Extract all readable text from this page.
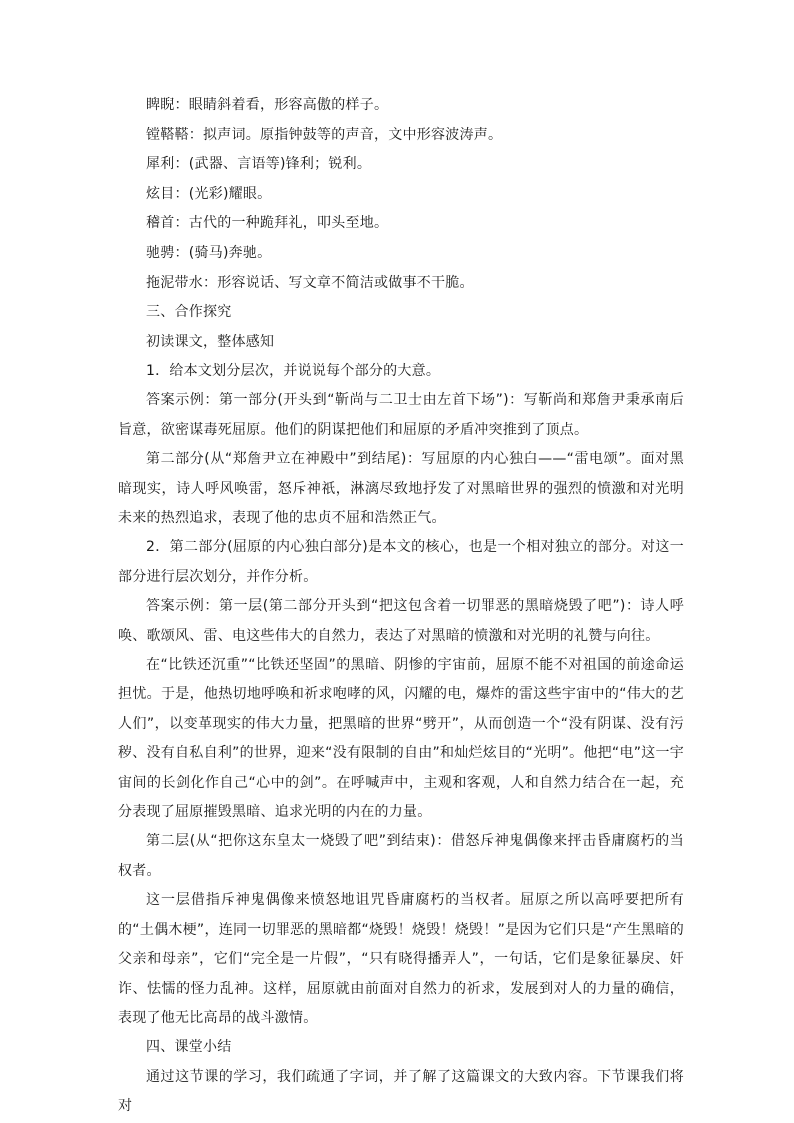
睥睨：眼睛斜着看，形容高傲的样子。

镗鞳鞳：拟声词。原指钟鼓等的声音，文中形容波涛声。

犀利：(武器、言语等)锋利；锐利。

炫目：(光彩)耀眼。

稽首：古代的一种跪拜礼，叩头至地。

驰骋：(骑马)奔驰。

拖泥带水：形容说话、写文章不简洁或做事不干脆。

三、合作探究

初读课文，整体感知

1．给本文划分层次，并说说每个部分的大意。

答案示例：第一部分(开头到“靳尚与二卫士由左首下场”)：写靳尚和郑詹尹秉承南后旨意，欲密谋毒死屈原。他们的阴谋把他们和屈原的矛盾冲突推到了顶点。

第二部分(从“郑詹尹立在神殿中”到结尾)：写屈原的内心独白——“雷电颂”。面对黑暗现实，诗人呼风唤雷，怒斥神祇，淋漓尽致地抒发了对黑暗世界的强烈的愤激和对光明未来的热烈追求，表现了他的忠贞不屈和浩然正气。

2．第二部分(屈原的内心独白部分)是本文的核心，也是一个相对独立的部分。对这一部分进行层次划分，并作分析。

答案示例：第一层(第二部分开头到“把这包含着一切罪恶的黑暗烧毁了吧”)：诗人呼唤、歌颂风、雷、电这些伟大的自然力，表达了对黑暗的愤激和对光明的礼赞与向往。

在“比铁还沉重”“比铁还坚固”的黑暗、阴惨的宇宙前，屈原不能不对祖国的前途命运担忧。于是，他热切地呼唤和祈求咆哮的风，闪耀的电，爆炸的雷这些宇宙中的“伟大的艺人们”，以变革现实的伟大力量，把黑暗的世界“劈开”，从而创造一个“没有阴谋、没有污秽、没有自私自利”的世界，迎来“没有限制的自由”和灿烂炫目的“光明”。他把“电”这一宇宙间的长剑化作自己“心中的剑”。在呼喊声中，主观和客观，人和自然力结合在一起，充分表现了屈原摧毁黑暗、追求光明的内在的力量。

第二层(从“把你这东皇太一烧毁了吧”到结束)：借怒斥神鬼偶像来抨击昏庸腐朽的当权者。

这一层借指斥神鬼偶像来愤怒地诅咒昏庸腐朽的当权者。屈原之所以高呼要把所有的“土偶木梗”，连同一切罪恶的黑暗都“烧毁！烧毁！烧毁！”是因为它们只是“产生黑暗的父亲和母亲”，它们“完全是一片假”，“只有晓得播弄人”，一句话，它们是象征暴戾、奸诈、怯懦的怪力乱神。这样，屈原就由前面对自然力的祈求，发展到对人的力量的确信，表现了他无比高昂的战斗激情。

四、课堂小结

通过这节课的学习，我们疏通了字词，并了解了这篇课文的大致内容。下节课我们将对
